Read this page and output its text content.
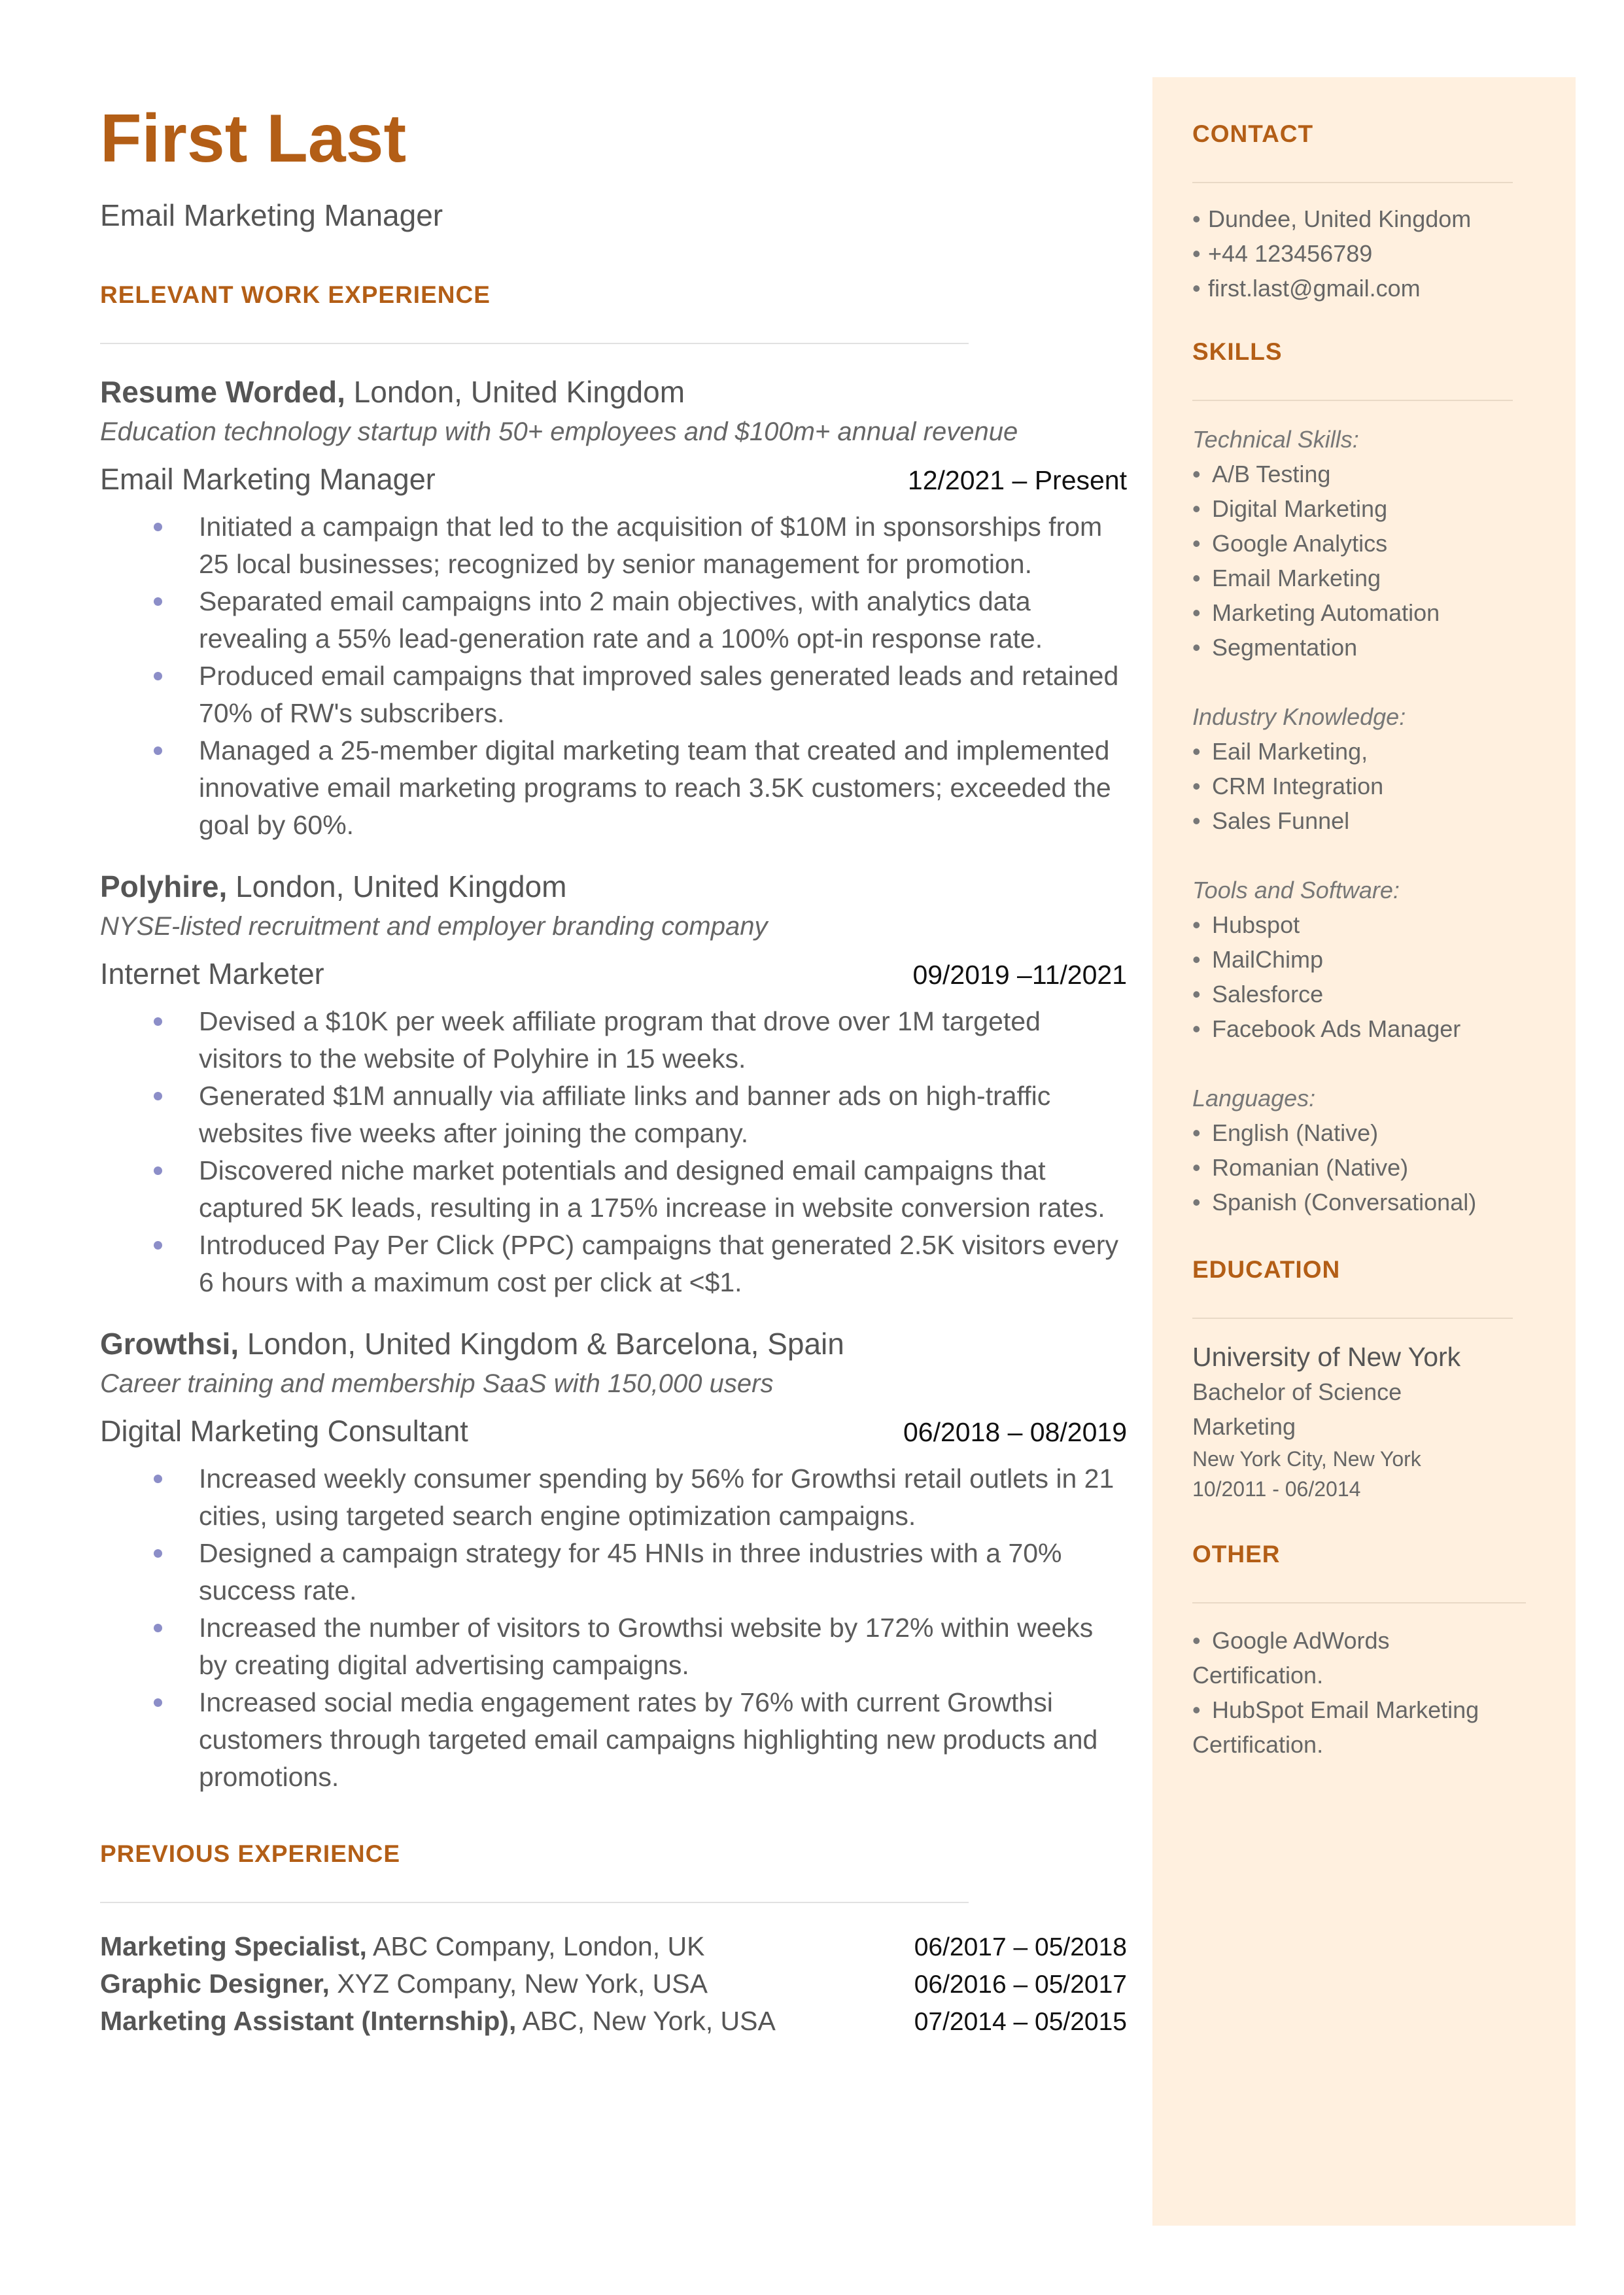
First Last
Email Marketing Manager
RELEVANT WORK EXPERIENCE
Resume Worded, London, United Kingdom
Education technology startup with 50+ employees and $100m+ annual revenue
Email Marketing Manager	12/2021 – Present
Initiated a campaign that led to the acquisition of $10M in sponsorships from 25 local businesses; recognized by senior management for promotion.
Separated email campaigns into 2 main objectives, with analytics data revealing a 55% lead-generation rate and a 100% opt-in response rate.
Produced email campaigns that improved sales generated leads and retained 70% of RW's subscribers.
Managed a 25-member digital marketing team that created and implemented innovative email marketing programs to reach 3.5K customers; exceeded the goal by 60%.
Polyhire, London, United Kingdom
NYSE-listed recruitment and employer branding company
Internet Marketer	09/2019 –11/2021
Devised a $10K per week affiliate program that drove over 1M targeted visitors to the website of Polyhire in 15 weeks.
Generated $1M annually via affiliate links and banner ads on high-traffic websites five weeks after joining the company.
Discovered niche market potentials and designed email campaigns that captured 5K leads, resulting in a 175% increase in website conversion rates.
Introduced Pay Per Click (PPC) campaigns that generated 2.5K visitors every 6 hours with a maximum cost per click at <$1.
Growthsi, London, United Kingdom & Barcelona, Spain
Career training and membership SaaS with 150,000 users
Digital Marketing Consultant	06/2018 – 08/2019
Increased weekly consumer spending by 56% for Growthsi retail outlets in 21 cities, using targeted search engine optimization campaigns.
Designed a campaign strategy for 45 HNIs in three industries with a 70% success rate.
Increased the number of visitors to Growthsi website by 172% within weeks by creating digital advertising campaigns.
Increased social media engagement rates by 76% with current Growthsi customers through targeted email campaigns highlighting new products and promotions.
PREVIOUS EXPERIENCE
Marketing Specialist, ABC Company, London, UK	06/2017 – 05/2018
Graphic Designer, XYZ Company, New York, USA	06/2016 – 05/2017
Marketing Assistant (Internship), ABC, New York, USA	07/2014 – 05/2015
CONTACT
• Dundee, United Kingdom
• +44 123456789
• first.last@gmail.com
SKILLS
Technical Skills:
• A/B Testing
• Digital Marketing
• Google Analytics
• Email Marketing
• Marketing Automation
• Segmentation
Industry Knowledge:
• Eail Marketing,
• CRM Integration
• Sales Funnel
Tools and Software:
• Hubspot
• MailChimp
• Salesforce
• Facebook Ads Manager
Languages:
• English (Native)
• Romanian (Native)
• Spanish (Conversational)
EDUCATION
University of New York
Bachelor of Science
Marketing
New York City, New York
10/2011 - 06/2014
OTHER
• Google AdWords
Certification.
• HubSpot Email Marketing
Certification.
